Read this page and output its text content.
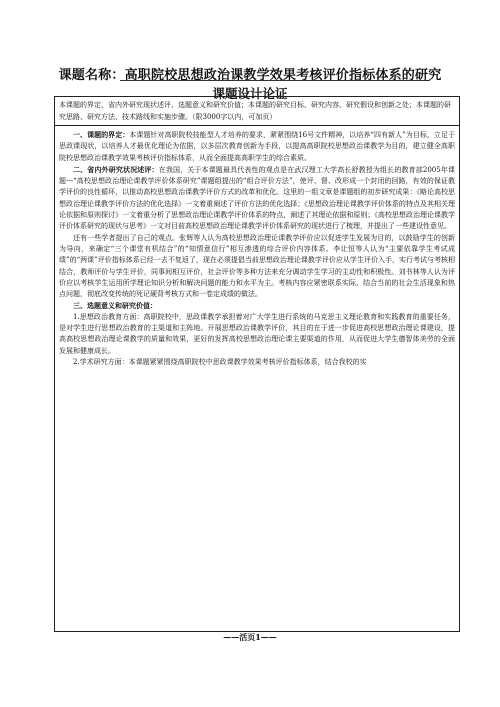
课题名称：高职院校思想政治课教学效果考核评价指标体系的研究
课题设计论证
本课题的界定，省内外研究现状述评、选题意义和研究价值；本课题的研究目标、研究内容、研究假设和创新之处；本课题的研究思路、研究方法、技术路线和实施步骤。（限3000字以内，可加页）

一、课题的界定：本课题针对高职院校技能型人才培养的要求，紧紧围绕16号文件精神，以培养“四有新人”为目标，立足于思政课现状，以培养人才最优化理论为依据，以多层次教育创新为手段，以提高高职院校思想政治课教学为目的，建立健全高职院校思想政治课教学效果考核评价指标体系，从而全面提高高职学生的综合素质。

二、省内外研究状况述评：在我国，关于本课题最具代表性的观点是在武汉理工大学高长舒教授为组长的教育部2005年课题---“高校思想政治理论课教学评价体系研究”课题组提出的“组合评价方法”，使评、督、改形成一个封闭的回路，有效的保证教学评价的良性循环，以推动高校思想政治课教学评价方式的改革和优化。这里的一组文章是课题组的初步研究成果：《略论高校思想政治理论课教学评价方法的优化选择》一文着重阐述了评价方法的优化选择；《思想政治理论课教学评价体系的特点及其相关理论依据和原则探讨》一文着重分析了思想政治理论课教学评价体系的特点，阐述了其理论依据和原则；《高校思想政治理论课教学评价体系研究的现状与思考》一文对目前高校思想政治理论课教学评价体系研究的现状进行了梳理，并提出了一些建设性意见。

还有一些学者提出了自己的观点。张辉等人认为高校思想政治理论课教学评价应以促进学生发展为目的，以鼓励学生的创新为导向，来确定“三个课堂有机结合”的“知情意信行”相互渗透的综合评价内容体系。李让恒等人认为“主要依靠学生考试成绩”的“两课”评价指标体系已经一去不复返了，现在必须提倡当前思想政治理论课教学评价应从学生评价入手，实行考试与考核相结合，教师评价与学生评价，同事间相互评价，社会评价等多种方法来充分调动学生学习的主动性和积极性。刘书林等人认为评价应以考核学生运用所学理论知识分析和解决问题的能力和水平为主。考核内容应紧密联系实际，结合当前的社会生活现象和热点问题，彻底改变传统的死记硬背考核方式和一卷定成绩的做法。

三、选题意义和研究价值：

1.思想政治教育方面：高职院校中，思政课教学承担着对广大学生进行系统的马克思主义理论教育和实践教育的重要任务，是对学生进行思想政治教育的主渠道和主阵地。开展思想政治课教学评价，其目的在于进一步促进高校思想政治理论课建设，提高高校思想政治理论课教学的质量和效果，更好的发挥高校思想政治理论课主要渠道的作用，从而促进大学生德智体美劳的全面发展和健康成长。

2.学术研究方面：本课题紧紧围绕高职院校中思政课教学效果考核评价指标体系，结合我校的实

——活页1——
